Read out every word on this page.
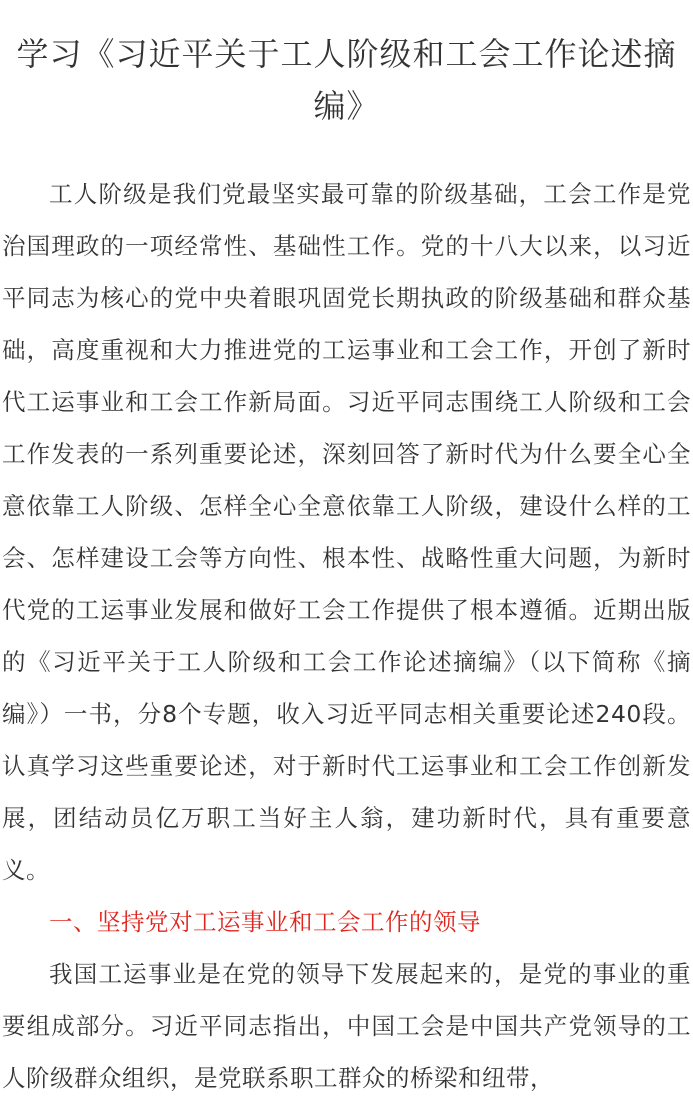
学习《习近平关于工人阶级和工会工作论述摘编》

工人阶级是我们党最坚实最可靠的阶级基础，工会工作是党治国理政的一项经常性、基础性工作。党的十八大以来，以习近平同志为核心的党中央着眼巩固党长期执政的阶级基础和群众基础，高度重视和大力推进党的工运事业和工会工作，开创了新时代工运事业和工会工作新局面。习近平同志围绕工人阶级和工会工作发表的一系列重要论述，深刻回答了新时代为什么要全心全意依靠工人阶级、怎样全心全意依靠工人阶级，建设什么样的工会、怎样建设工会等方向性、根本性、战略性重大问题，为新时代党的工运事业发展和做好工会工作提供了根本遵循。近期出版的《习近平关于工人阶级和工会工作论述摘编》（以下简称《摘编》）一书，分8个专题，收入习近平同志相关重要论述240段。认真学习这些重要论述，对于新时代工运事业和工会工作创新发展，团结动员亿万职工当好主人翁，建功新时代，具有重要意义。

一、坚持党对工运事业和工会工作的领导

我国工运事业是在党的领导下发展起来的，是党的事业的重要组成部分。习近平同志指出，中国工会是中国共产党领导的工人阶级群众组织，是党联系职工群众的桥梁和纽带，
